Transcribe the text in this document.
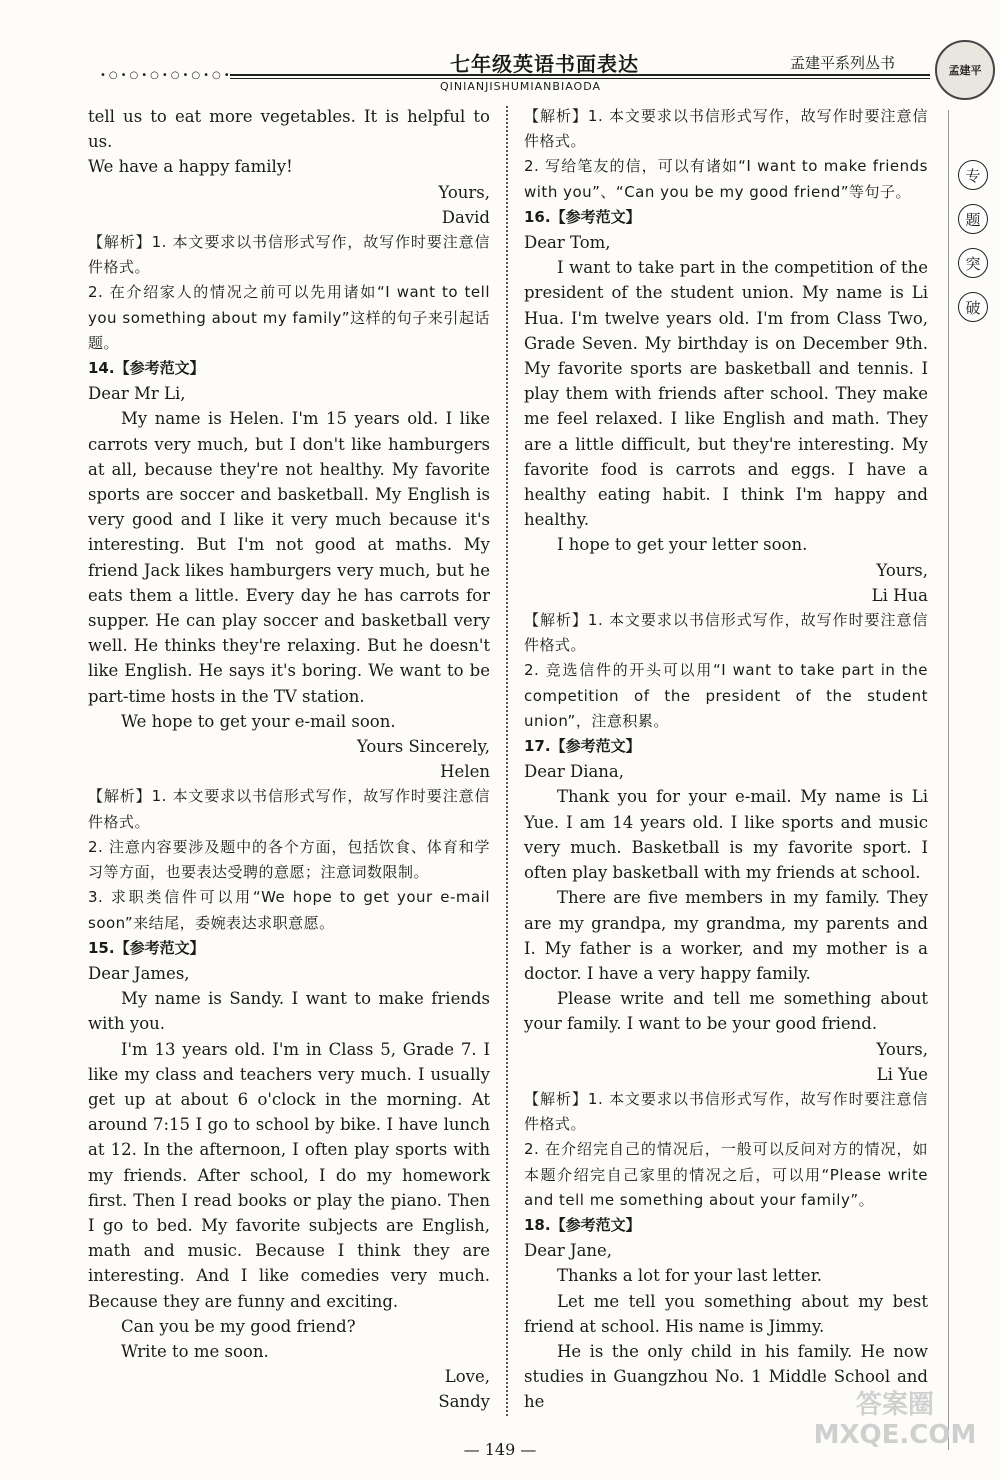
•○•○•○•○•○•○•	七年级英语书面表达
QINIANJISHUMIANBIAODA
孟建平系列丛书	孟建平
专
题
突
破

tell us to eat more vegetables. It is helpful to us.

We have a happy family!

Yours,

David

【解析】1. 本文要求以书信形式写作，故写作时要注意信件格式。

2. 在介绍家人的情况之前可以先用诸如“I want to tell you something about my family”这样的句子来引起话题。

14.【参考范文】

Dear Mr Li,

My name is Helen. I'm 15 years old. I like carrots very much, but I don't like hamburgers at all, because they're not healthy. My favorite sports are soccer and basketball. My English is very good and I like it very much because it's interesting. But I'm not good at maths. My friend Jack likes hamburgers very much, but he eats them a little. Every day he has carrots for supper. He can play soccer and basketball very well. He thinks they're relaxing. But he doesn't like English. He says it's boring. We want to be part-time hosts in the TV station.

We hope to get your e-mail soon.

Yours Sincerely,

Helen

【解析】1. 本文要求以书信形式写作，故写作时要注意信件格式。

2. 注意内容要涉及题中的各个方面，包括饮食、体育和学习等方面，也要表达受聘的意愿；注意词数限制。

3. 求职类信件可以用“We hope to get your e-mail soon”来结尾，委婉表达求职意愿。

15.【参考范文】

Dear James,

My name is Sandy. I want to make friends with you.

I'm 13 years old. I'm in Class 5, Grade 7. I like my class and teachers very much. I usually get up at about 6 o'clock in the morning. At around 7:15 I go to school by bike. I have lunch at 12. In the afternoon, I often play sports with my friends. After school, I do my homework first. Then I read books or play the piano. Then I go to bed. My favorite subjects are English, math and music. Because I think they are interesting. And I like comedies very much. Because they are funny and exciting.

Can you be my good friend?

Write to me soon.

Love,

Sandy

【解析】1. 本文要求以书信形式写作，故写作时要注意信件格式。

2. 写给笔友的信，可以有诸如“I want to make friends with you”、“Can you be my good friend”等句子。

16.【参考范文】

Dear Tom,

I want to take part in the competition of the president of the student union. My name is Li Hua. I'm twelve years old. I'm from Class Two, Grade Seven. My birthday is on December 9th. My favorite sports are basketball and tennis. I play them with friends after school. They make me feel relaxed. I like English and math. They are a little difficult, but they're interesting. My favorite food is carrots and eggs. I have a healthy eating habit. I think I'm happy and healthy.

I hope to get your letter soon.

Yours,

Li Hua

【解析】1. 本文要求以书信形式写作，故写作时要注意信件格式。

2. 竞选信件的开头可以用“I want to take part in the competition of the president of the student union”，注意积累。

17.【参考范文】

Dear Diana,

Thank you for your e-mail. My name is Li Yue. I am 14 years old. I like sports and music very much. Basketball is my favorite sport. I often play basketball with my friends at school.

There are five members in my family. They are my grandpa, my grandma, my parents and I. My father is a worker, and my mother is a doctor. I have a very happy family.

Please write and tell me something about your family. I want to be your good friend.

Yours,

Li Yue

【解析】1. 本文要求以书信形式写作，故写作时要注意信件格式。

2. 在介绍完自己的情况后，一般可以反问对方的情况，如本题介绍完自己家里的情况之后，可以用“Please write and tell me something about your family”。

18.【参考范文】

Dear Jane,

Thanks a lot for your last letter.

Let me tell you something about my best friend at school. His name is Jimmy.

He is the only child in his family. He now studies in Guangzhou No. 1 Middle School and he

— 149 —
答案圈 MXQE.COM
